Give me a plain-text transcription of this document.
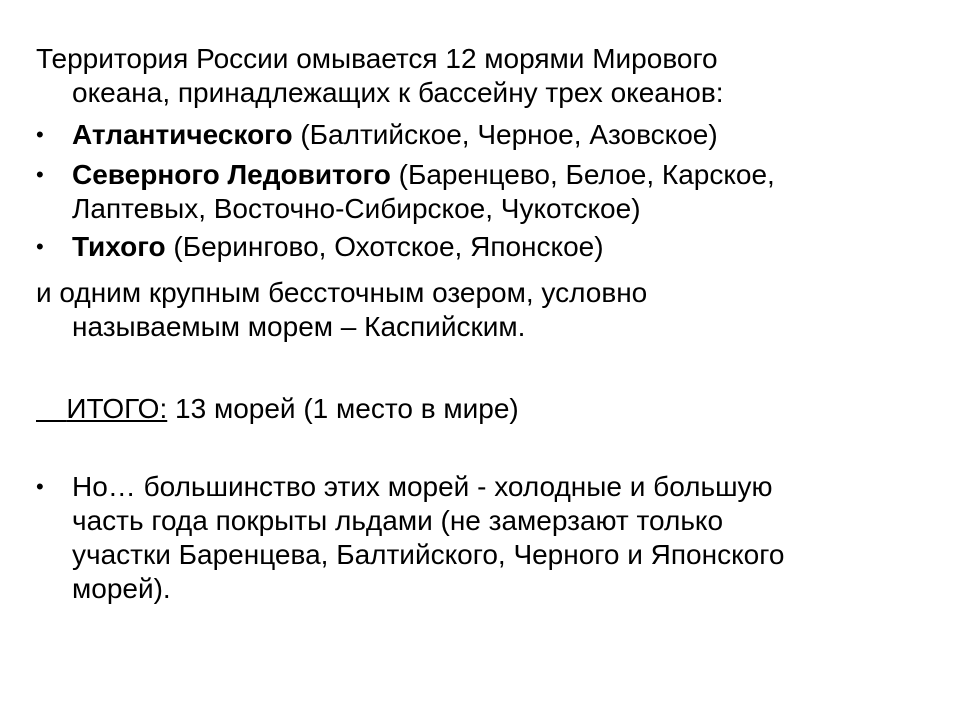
Территория России омывается 12 морями Мирового
океана, принадлежащих к бассейну трех океанов:
• Атлантического (Балтийское, Черное, Азовское)
• Северного Ледовитого (Баренцево, Белое, Карское,
Лаптевых, Восточно-Сибирское, Чукотское)
• Тихого (Берингово, Охотское, Японское)
и одним крупным бессточным озером, условно
называемым морем – Каспийским.
  ИТОГО: 13 морей (1 место в мире)
• Но… большинство этих морей - холодные и большую
часть года покрыты льдами (не замерзают только
участки Баренцева, Балтийского, Черного и Японского
морей).
